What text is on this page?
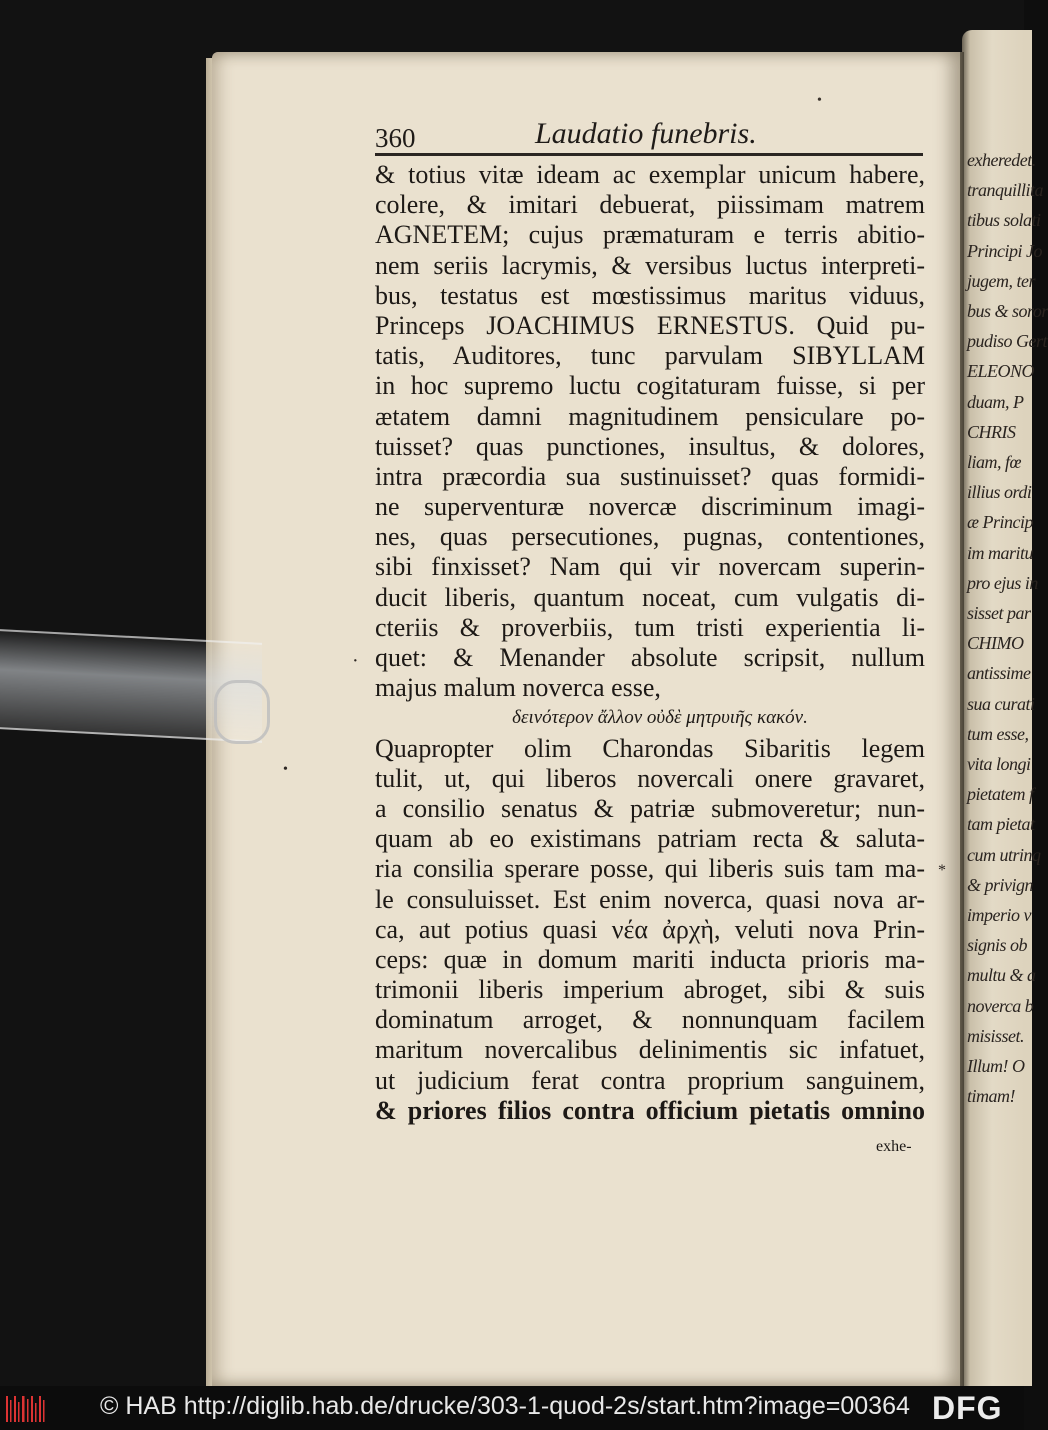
exheredet.
tranquillita
tibus solati
Principi Jo
jugem, ter
bus & soror
pudiso Gert
ELEONO
duam, P
CHRIS
liam, fœ
illius ordi
æ Princip
im maritu
pro ejus in
sisset par
CHIMO
antissime
sua curati
tum esse,
vita longi
pietatem f
tam pietat
cum utrinq
& privign
imperio v
signis ob
multu & a
noverca b
misisset.
Illum! O
timam!
•
360	Laudatio funebris.
& totius vitæ ideam ac exemplar unicum habere,
colere, & imitari debuerat, piissimam matrem
AGNETEM; cujus præmaturam e terris abitio-
nem seriis lacrymis, & versibus luctus interpreti-
bus, testatus est mœstissimus maritus viduus,
Princeps JOACHIMUS ERNESTUS. Quid pu-
tatis, Auditores, tunc parvulam SIBYLLAM
in hoc supremo luctu cogitaturam fuisse, si per
ætatem damni magnitudinem pensiculare po-
tuisset? quas punctiones, insultus, & dolores,
intra præcordia sua sustinuisset? quas formidi-
ne superventuræ novercæ discriminum imagi-
nes, quas persecutiones, pugnas, contentiones,
sibi finxisset? Nam qui vir novercam superin-
ducit liberis, quantum noceat, cum vulgatis di-
cteriis & proverbiis, tum tristi experientia li-
quet: & Menander absolute scripsit, nullum
majus malum noverca esse,
δεινότερον ἄλλον οὐδὲ μητρυιῆς κακόν.
Quapropter olim Charondas Sibaritis legem
tulit, ut, qui liberos novercali onere gravaret,
a consilio senatus & patriæ submoveretur; nun-
quam ab eo existimans patriam recta & saluta-
ria consilia sperare posse, qui liberis suis tam ma-
le consuluisset. Est enim noverca, quasi nova ar-
ca, aut potius quasi νέα ἀρχὴ, veluti nova Prin-
ceps: quæ in domum mariti inducta prioris ma-
trimonii liberis imperium abroget, sibi & suis
dominatum arroget, & nonnunquam facilem
maritum novercalibus delinimentis sic infatuet,
ut judicium ferat contra proprium sanguinem,
& priores filios contra officium pietatis omnino
exhe-
·
•
*
© HAB http://diglib.hab.de/drucke/303-1-quod-2s/start.htm?image=00364 DFG
